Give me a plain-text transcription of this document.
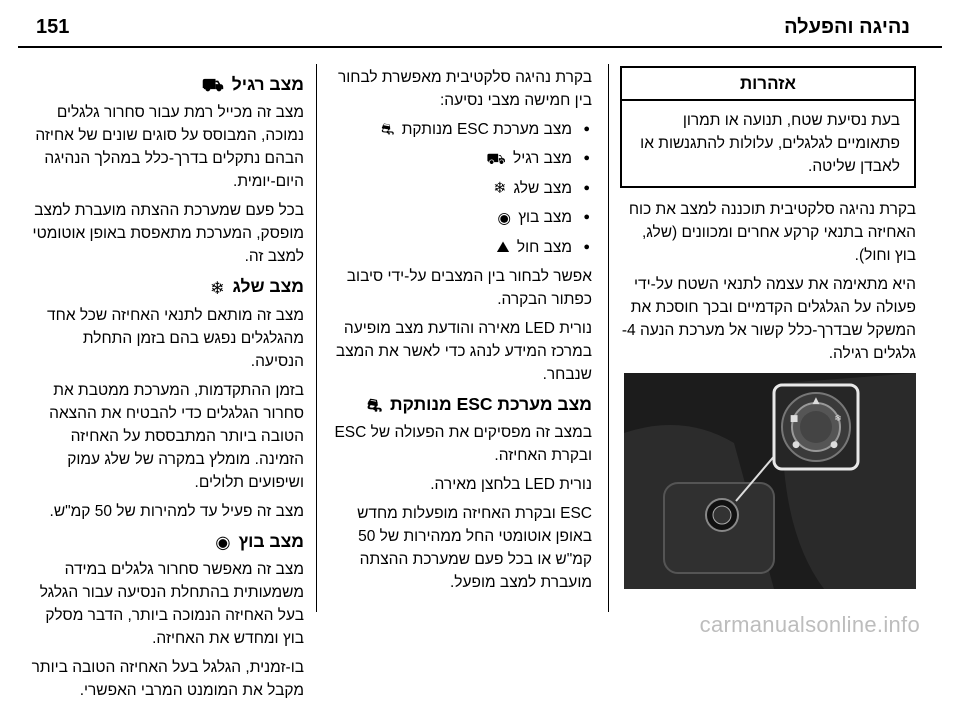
נהיגה והפעלה
151
אזהרות
בעת נסיעת שטח, תנועה או תמרון פתאומיים לגלגלים, עלולות להתגנשות או לאבדן שליטה.

בקרת נהיגה סלקטיבית תוכננה למצב את כוח האחיזה בתנאי קרקע אחרים ומכוונים (שלג, בוץ וחול).

היא מתאימה את עצמה לתנאי השטח על-ידי פעולה על הגלגלים הקדמיים ובכך חוסכת את המשקל שבדרך-כלל קשור אל מערכת הנעה 4-גלגלים רגילה.

▲
❄
●
●
■

בקרת נהיגה סלקטיבית מאפשרת לבחור בין חמישה מצבי נסיעה:

● מצב מערכת ESC מנותקת ⛐
● מצב רגיל ⛟
● מצב שלג ❄
● מצב בוץ ◉
● מצב חול ⛰

אפשר לבחור בין המצבים על-ידי סיבוב כפתור הבקרה.

נורית LED מאירה והודעת מצב מופיעה במרכז המידע לנהג כדי לאשר את המצב שנבחר.

מצב מערכת ESC מנותקת ⛐

במצב זה מפסיקים את הפעולה של ESC ובקרת האחיזה.

נורית LED בלחצן מאירה.

ESC ובקרת האחיזה מופעלות מחדש באופן אוטומטי החל ממהירות של 50 קמ"ש או בכל פעם שמערכת ההצתה מועברת למצב מופעל.

מצב רגיל ⛟

מצב זה מכייל רמת עבור סחרור גלגלים נמוכה, המבוסס על סוגים שונים של אחיזה הבהם נתקלים בדרך-כלל במהלך הנהיגה היום-יומית.

בכל פעם שמערכת ההצתה מועברת למצב מופסק, המערכת מתאפסת באופן אוטומטי למצב זה.

מצב שלג ❄

מצב זה מותאם לתנאי האחיזה שכל אחד מהגלגלים נפגש בהם בזמן התחלת הנסיעה.

בזמן ההתקדמות, המערכת ממטבת את סחרור הגלגלים כדי להבטיח את ההצאה הטובה ביותר המתבססת על האחיזה הזמינה. מומלץ במקרה של שלג עמוק ושיפועים תלולים.

מצב זה פעיל עד למהירות של 50 קמ"ש.

מצב בוץ ◉

מצב זה מאפשר סחרור גלגלים במידה משמעותית בהתחלת הנסיעה עבור הגלגל בעל האחיזה הנמוכה ביותר, הדבר מסלק בוץ ומחדש את האחיזה.

בו-זמנית, הגלגל בעל האחיזה הטובה ביותר מקבל את המומנט המרבי האפשרי.

carmanualsonline.info
